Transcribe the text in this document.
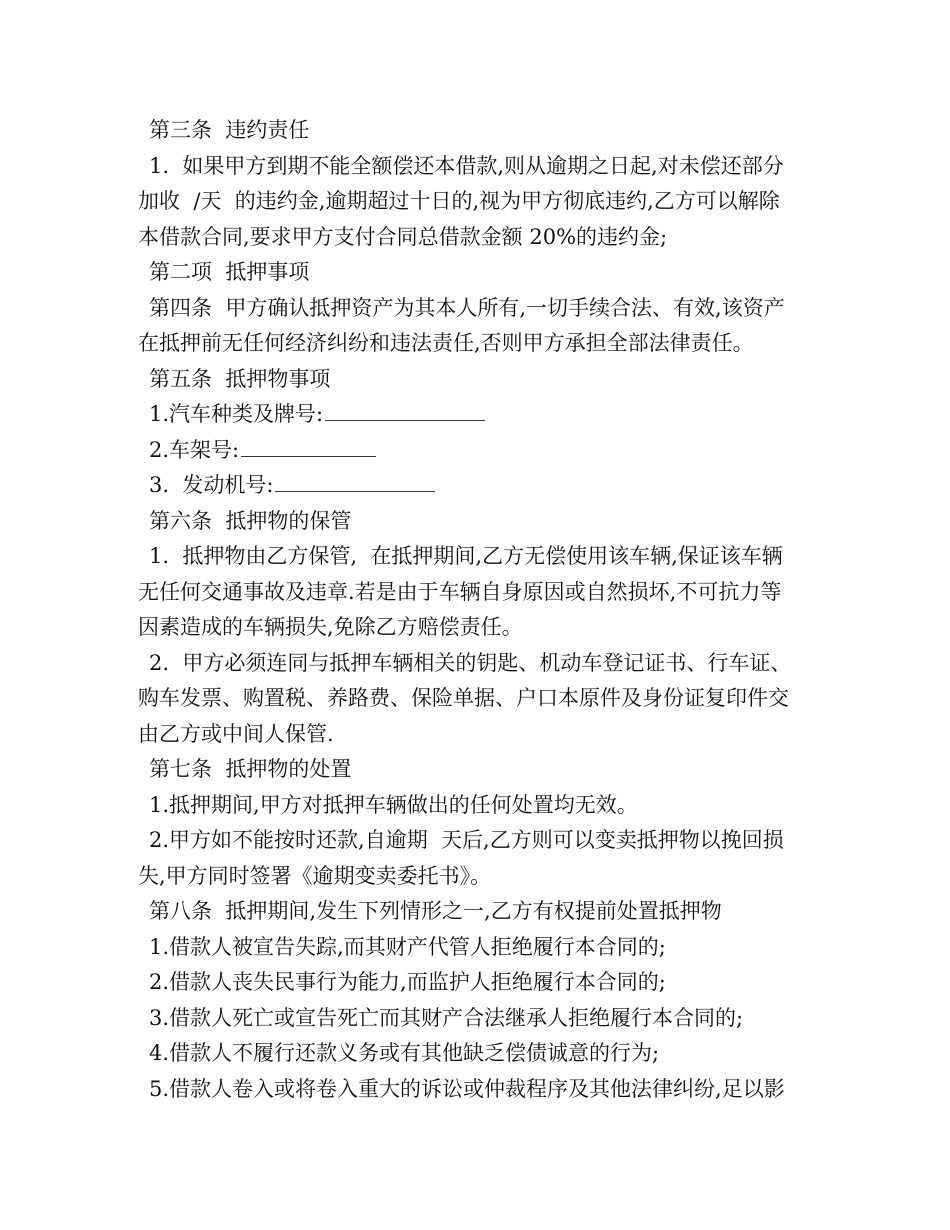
第三条  违约责任
1.  如果甲方到期不能全额偿还本借款,则从逾期之日起,对未偿还部分
加收  /天  的违约金,逾期超过十日的,视为甲方彻底违约,乙方可以解除
本借款合同,要求甲方支付合同总借款金额 20%的违约金;
第二项  抵押事项
第四条  甲方确认抵押资产为其本人所有,一切手续合法、有效,该资产
在抵押前无任何经济纠纷和违法责任,否则甲方承担全部法律责任。
第五条  抵押物事项
1.汽车种类及牌号:
2.车架号:
3.  发动机号:
第六条  抵押物的保管
1.  抵押物由乙方保管,  在抵押期间,乙方无偿使用该车辆,保证该车辆
无任何交通事故及违章.若是由于车辆自身原因或自然损坏,不可抗力等
因素造成的车辆损失,免除乙方赔偿责任。
2.  甲方必须连同与抵押车辆相关的钥匙、机动车登记证书、行车证、
购车发票、购置税、养路费、保险单据、户口本原件及身份证复印件交
由乙方或中间人保管.
第七条  抵押物的处置
1.抵押期间,甲方对抵押车辆做出的任何处置均无效。
2.甲方如不能按时还款,自逾期  天后,乙方则可以变卖抵押物以挽回损
失,甲方同时签署《逾期变卖委托书》。
第八条  抵押期间,发生下列情形之一,乙方有权提前处置抵押物
1.借款人被宣告失踪,而其财产代管人拒绝履行本合同的;
2.借款人丧失民事行为能力,而监护人拒绝履行本合同的;
3.借款人死亡或宣告死亡而其财产合法继承人拒绝履行本合同的;
4.借款人不履行还款义务或有其他缺乏偿债诚意的行为;
5.借款人卷入或将卷入重大的诉讼或仲裁程序及其他法律纠纷,足以影
